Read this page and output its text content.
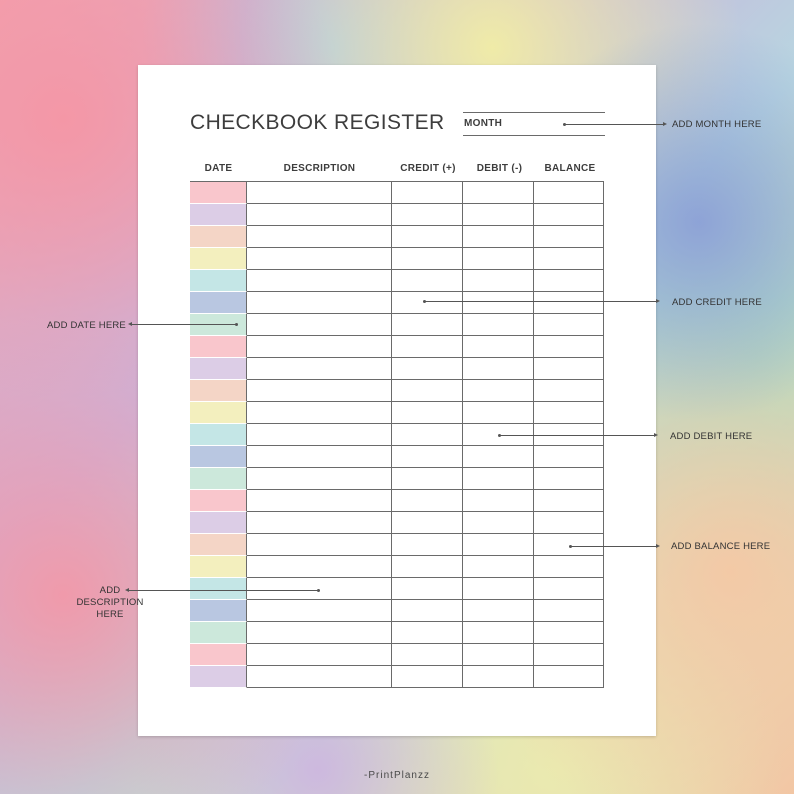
CHECKBOOK REGISTER MONTH
DATE	DESCRIPTION	CREDIT (+)	DEBIT (-)	BALANCE
ADD MONTH HERE
ADD CREDIT HERE
ADD DATE HERE
ADD DEBIT HERE
ADD BALANCE HERE
ADD
DESCRIPTION
HERE
-PrintPlanzz
